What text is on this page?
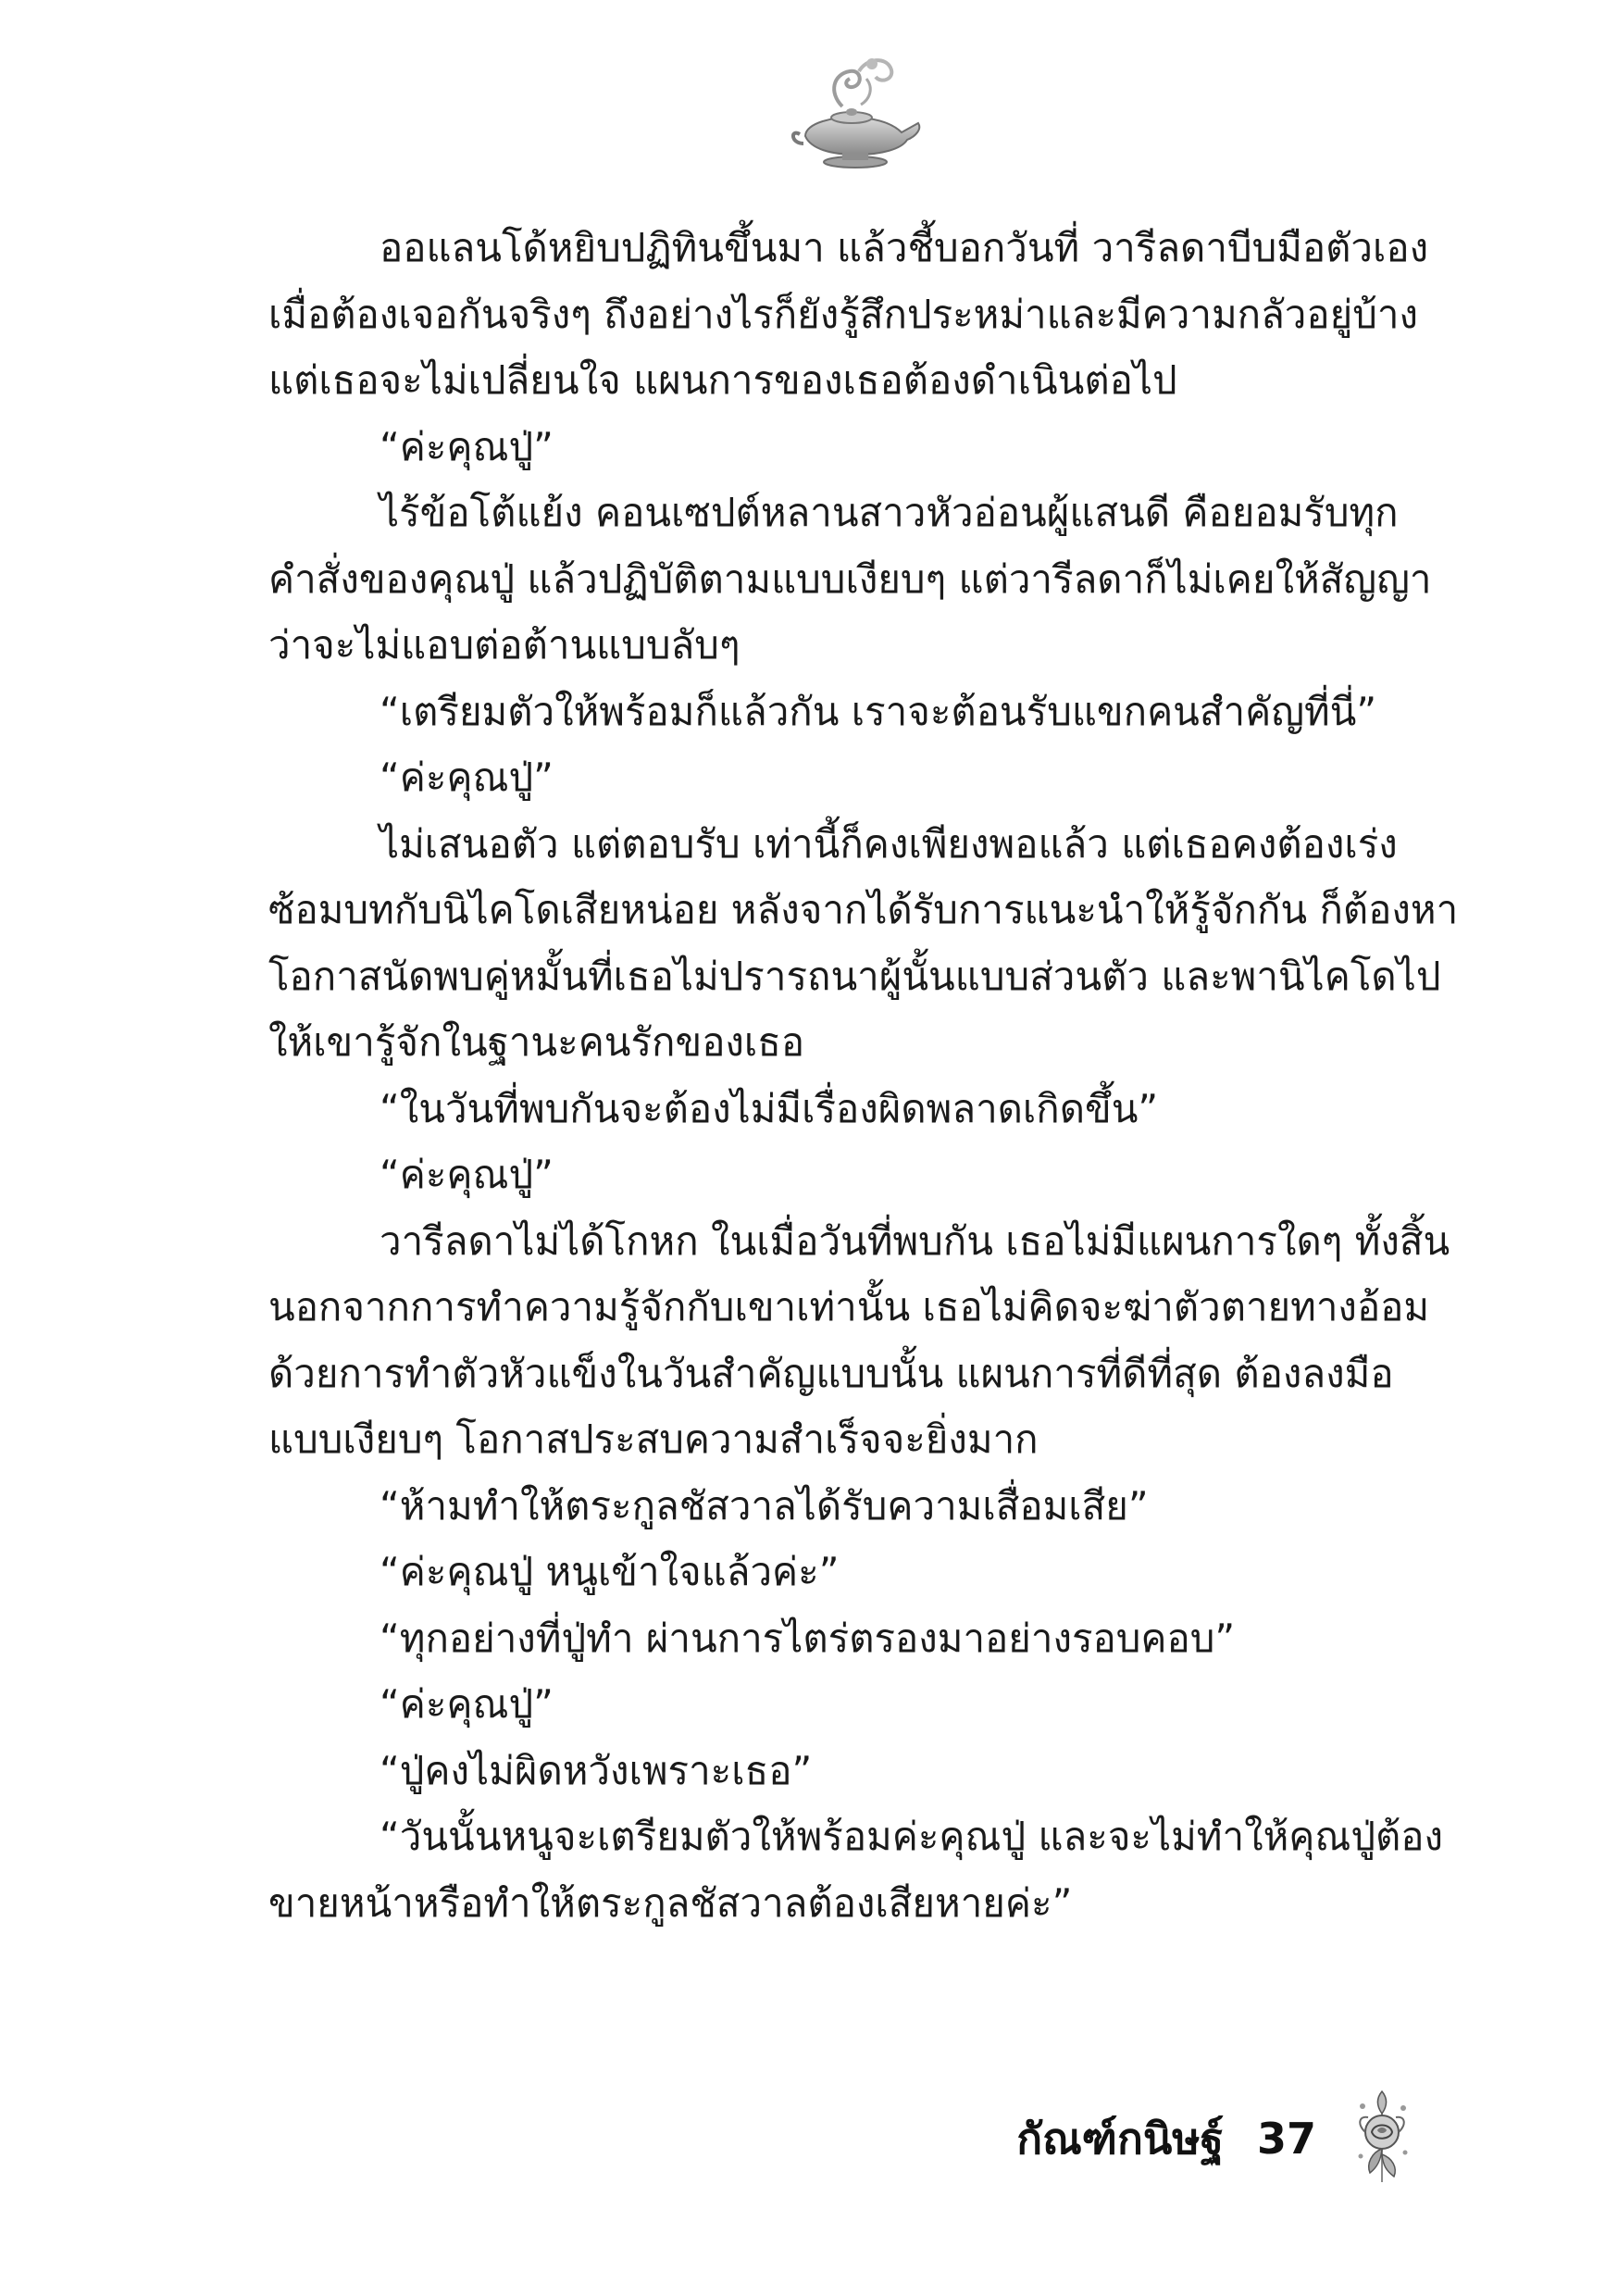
ออแลนโด้หยิบปฏิทินขึ้นมา แล้วชี้บอกวันที่ วารีลดาบีบมือตัวเอง
เมื่อต้องเจอกันจริงๆ ถึงอย่างไรก็ยังรู้สึกประหม่าและมีความกลัวอยู่บ้าง
แต่เธอจะไม่เปลี่ยนใจ แผนการของเธอต้องดำเนินต่อไป
“ค่ะคุณปู่”
ไร้ข้อโต้แย้ง คอนเซปต์หลานสาวหัวอ่อนผู้แสนดี คือยอมรับทุก
คำสั่งของคุณปู่ แล้วปฏิบัติตามแบบเงียบๆ แต่วารีลดาก็ไม่เคยให้สัญญา
ว่าจะไม่แอบต่อต้านแบบลับๆ
“เตรียมตัวให้พร้อมก็แล้วกัน เราจะต้อนรับแขกคนสำคัญที่นี่”
“ค่ะคุณปู่”
ไม่เสนอตัว แต่ตอบรับ เท่านี้ก็คงเพียงพอแล้ว แต่เธอคงต้องเร่ง
ซ้อมบทกับนิไคโดเสียหน่อย หลังจากได้รับการแนะนำให้รู้จักกัน ก็ต้องหา
โอกาสนัดพบคู่หมั้นที่เธอไม่ปรารถนาผู้นั้นแบบส่วนตัว และพานิไคโดไป
ให้เขารู้จักในฐานะคนรักของเธอ
“ในวันที่พบกันจะต้องไม่มีเรื่องผิดพลาดเกิดขึ้น”
“ค่ะคุณปู่”
วารีลดาไม่ได้โกหก ในเมื่อวันที่พบกัน เธอไม่มีแผนการใดๆ ทั้งสิ้น
นอกจากการทำความรู้จักกับเขาเท่านั้น เธอไม่คิดจะฆ่าตัวตายทางอ้อม
ด้วยการทำตัวหัวแข็งในวันสำคัญแบบนั้น แผนการที่ดีที่สุด ต้องลงมือ
แบบเงียบๆ โอกาสประสบความสำเร็จจะยิ่งมาก
“ห้ามทำให้ตระกูลชัสวาลได้รับความเสื่อมเสีย”
“ค่ะคุณปู่ หนูเข้าใจแล้วค่ะ”
“ทุกอย่างที่ปู่ทำ ผ่านการไตร่ตรองมาอย่างรอบคอบ”
“ค่ะคุณปู่”
“ปู่คงไม่ผิดหวังเพราะเธอ”
“วันนั้นหนูจะเตรียมตัวให้พร้อมค่ะคุณปู่ และจะไม่ทำให้คุณปู่ต้อง
ขายหน้าหรือทำให้ตระกูลชัสวาลต้องเสียหายค่ะ”
กัณฑ์กนิษฐ์ 37
